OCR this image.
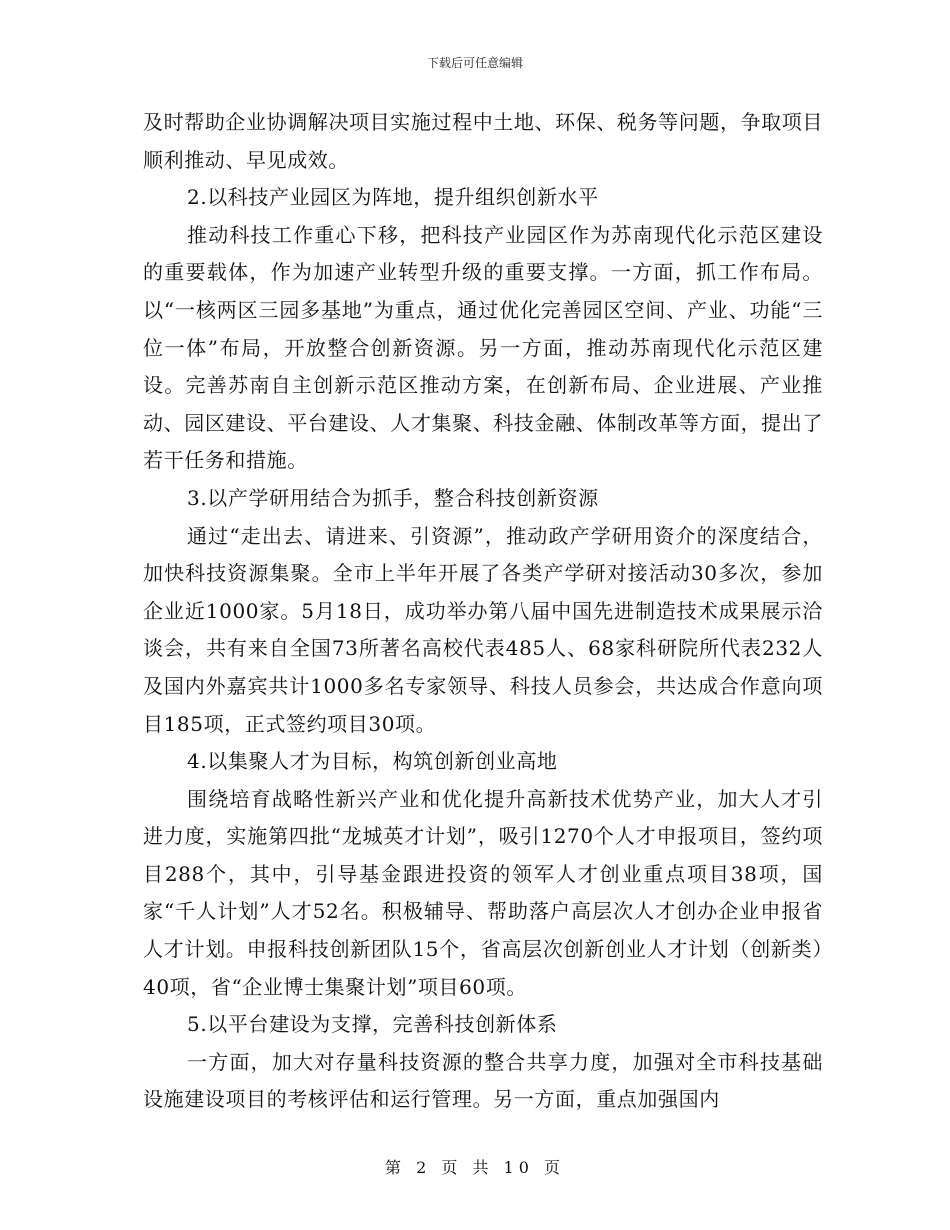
下载后可任意编辑

及时帮助企业协调解决项目实施过程中土地、环保、税务等问题，争取项目顺利推动、早见成效。

2.以科技产业园区为阵地，提升组织创新水平

推动科技工作重心下移，把科技产业园区作为苏南现代化示范区建设的重要载体，作为加速产业转型升级的重要支撑。一方面，抓工作布局。以“一核两区三园多基地”为重点，通过优化完善园区空间、产业、功能“三位一体”布局，开放整合创新资源。另一方面，推动苏南现代化示范区建设。完善苏南自主创新示范区推动方案，在创新布局、企业进展、产业推动、园区建设、平台建设、人才集聚、科技金融、体制改革等方面，提出了若干任务和措施。

3.以产学研用结合为抓手，整合科技创新资源

通过“走出去、请进来、引资源”，推动政产学研用资介的深度结合，加快科技资源集聚。全市上半年开展了各类产学研对接活动30多次，参加企业近1000家。5月18日，成功举办第八届中国先进制造技术成果展示洽谈会，共有来自全国73所著名高校代表485人、68家科研院所代表232人及国内外嘉宾共计1000多名专家领导、科技人员参会，共达成合作意向项目185项，正式签约项目30项。

4.以集聚人才为目标，构筑创新创业高地

围绕培育战略性新兴产业和优化提升高新技术优势产业，加大人才引进力度，实施第四批“龙城英才计划”，吸引1270个人才申报项目，签约项目288个，其中，引导基金跟进投资的领军人才创业重点项目38项，国家“千人计划”人才52名。积极辅导、帮助落户高层次人才创办企业申报省人才计划。申报科技创新团队15个，省高层次创新创业人才计划（创新类）40项，省“企业博士集聚计划”项目60项。

5.以平台建设为支撑，完善科技创新体系

一方面，加大对存量科技资源的整合共享力度，加强对全市科技基础设施建设项目的考核评估和运行管理。另一方面，重点加强国内

第 2 页 共 10 页
